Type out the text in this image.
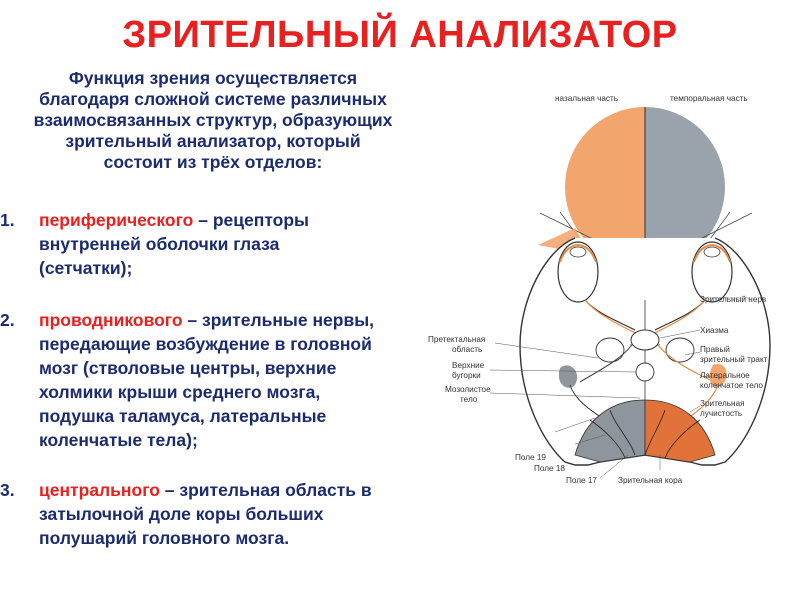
ЗРИТЕЛЬНЫЙ АНАЛИЗАТОР
Функция зрения осуществляется
благодаря сложной системе различных
взаимосвязанных структур, образующих
зрительный анализатор, который
состоит из трёх отделов:
1.	периферического – рецепторы
внутренней оболочки глаза
(сетчатки);
2.	проводникового – зрительные нервы,
передающие возбуждение в головной
мозг (стволовые центры, верхние
холмики крыши среднего мозга,
подушка таламуса, латеральные
коленчатые тела);
3.	центрального – зрительная область в
затылочной доле коры больших
полушарий головного мозга.
назальная часть	темпоральная часть
Зрительный нерв
Хиазма
Правый
зрительный тракт
Латеральное
коленчатое тело
Зрительная
лучистость
Претектальная
область
Верхние
бугорки
Мозолистое
тело
Поле 19
Поле 18
Поле 17	Зрительная кора
